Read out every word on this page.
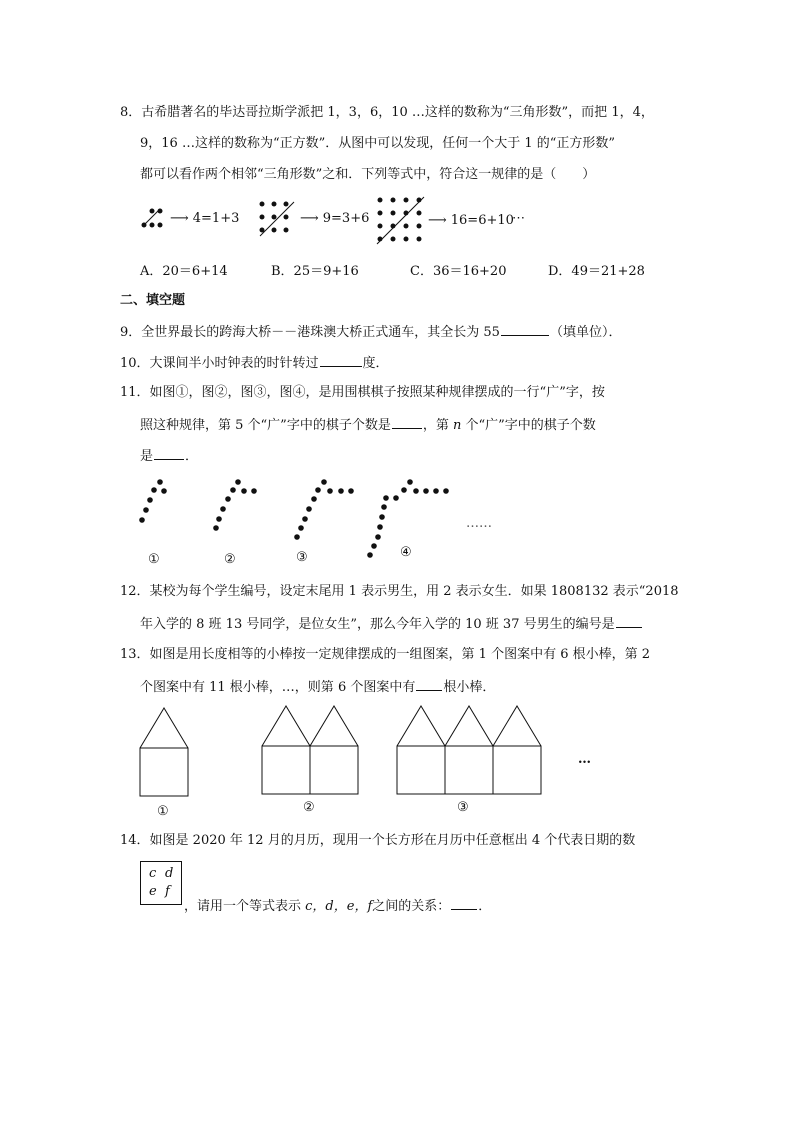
8．古希腊著名的毕达哥拉斯学派把 1，3，6，10 …这样的数称为“三角形数”，而把 1，4，
9，16 …这样的数称为“正方数”．从图中可以发现，任何一个大于 1 的“正方形数”
都可以看作两个相邻“三角形数”之和．下列等式中，符合这一规律的是（　　）
⟶ 4=1+3	⟶ 9=3+6	⟶ 16=6+10
⋯
A．20＝6+14	B．25＝9+16	C．36＝16+20	D．49＝21+28
二、填空题
9．全世界最长的跨海大桥－－港珠澳大桥正式通车，其全长为 55	（填单位）．
10．大课间半小时钟表的时针转过	度．
11．如图①，图②，图③，图④，是用围棋棋子按照某种规律摆成的一行“广”字，按
照这种规律，第 5 个“广”字中的棋子个数是 ，第 n 个“广”字中的棋子个数
是 ．
……
①	②	③	④
12．某校为每个学生编号，设定末尾用 1 表示男生，用 2 表示女生．如果 1808132 表示“2018
年入学的 8 班 13 号同学，是位女生”，那么今年入学的 10 班 37 号男生的编号是
13．如图是用长度相等的小棒按一定规律摆成的一组图案，第 1 个图案中有 6 根小棒，第 2
个图案中有 11 根小棒，…，则第 6 个图案中有 根小棒．
…
①	②	③
14．如图是 2020 年 12 月的月历，现用一个长方形在月历中任意框出 4 个代表日期的数
c d
e f
，请用一个等式表示 c，d，e，f之间的关系： ．
